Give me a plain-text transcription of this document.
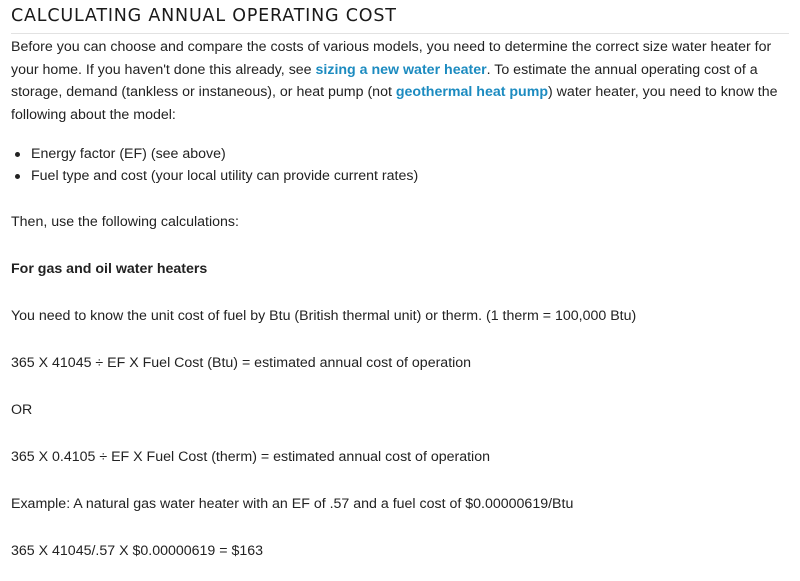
CALCULATING ANNUAL OPERATING COST

Before you can choose and compare the costs of various models, you need to determine the correct size water heater for your home. If you haven't done this already, see sizing a new water heater. To estimate the annual operating cost of a storage, demand (tankless or instaneous), or heat pump (not geothermal heat pump) water heater, you need to know the following about the model:

Energy factor (EF) (see above)
Fuel type and cost (your local utility can provide current rates)

Then, use the following calculations:

For gas and oil water heaters

You need to know the unit cost of fuel by Btu (British thermal unit) or therm. (1 therm = 100,000 Btu)

365 X 41045 ÷ EF X Fuel Cost (Btu) = estimated annual cost of operation

OR

365 X 0.4105 ÷ EF X Fuel Cost (therm) = estimated annual cost of operation

Example: A natural gas water heater with an EF of .57 and a fuel cost of $0.00000619/Btu

365 X 41045/.57 X $0.00000619 = $163
